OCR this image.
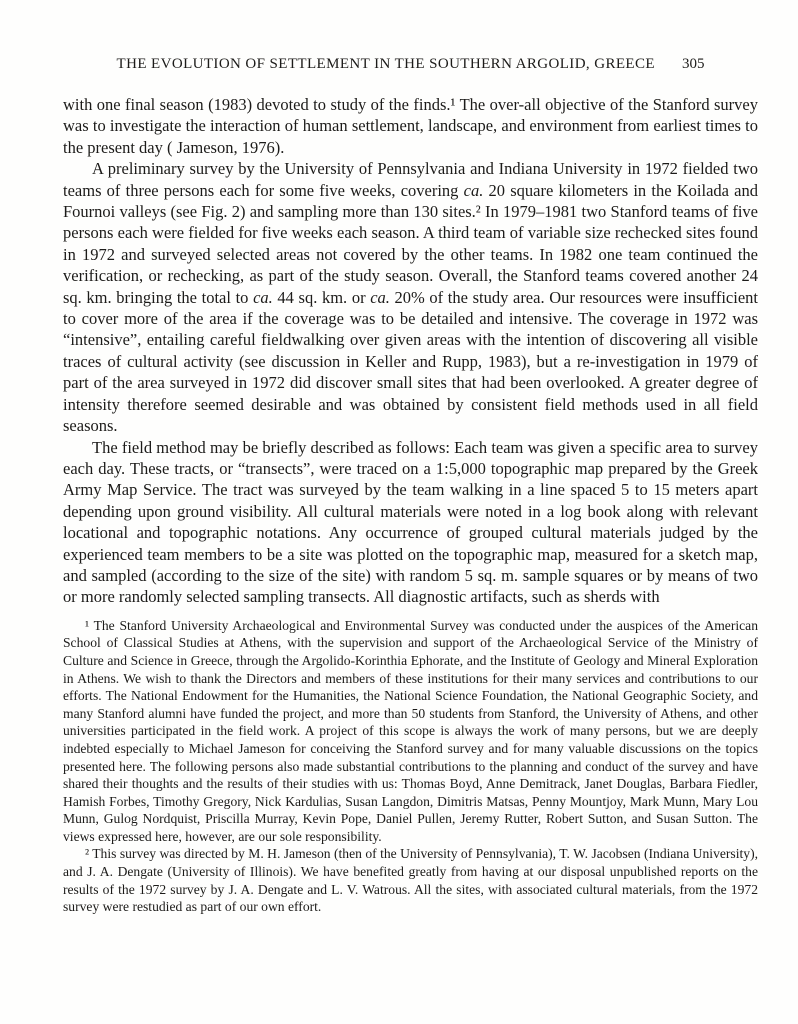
THE EVOLUTION OF SETTLEMENT IN THE SOUTHERN ARGOLID, GREECE 305

with one final season (1983) devoted to study of the finds.¹ The over-all objective of the Stanford survey was to investigate the interaction of human settlement, landscape, and environment from earliest times to the present day ( Jameson, 1976).

A preliminary survey by the University of Pennsylvania and Indiana University in 1972 fielded two teams of three persons each for some five weeks, covering ca. 20 square kilometers in the Koilada and Fournoi valleys (see Fig. 2) and sampling more than 130 sites.² In 1979–1981 two Stanford teams of five persons each were fielded for five weeks each season. A third team of variable size rechecked sites found in 1972 and surveyed selected areas not covered by the other teams. In 1982 one team continued the verification, or rechecking, as part of the study season. Overall, the Stanford teams covered another 24 sq. km. bringing the total to ca. 44 sq. km. or ca. 20% of the study area. Our resources were insufficient to cover more of the area if the coverage was to be detailed and intensive. The coverage in 1972 was “intensive”, entailing careful fieldwalking over given areas with the intention of discovering all visible traces of cultural activity (see discussion in Keller and Rupp, 1983), but a re-investigation in 1979 of part of the area surveyed in 1972 did discover small sites that had been overlooked. A greater degree of intensity therefore seemed desirable and was obtained by consistent field methods used in all field seasons.

The field method may be briefly described as follows: Each team was given a specific area to survey each day. These tracts, or “transects”, were traced on a 1:5,000 topographic map prepared by the Greek Army Map Service. The tract was surveyed by the team walking in a line spaced 5 to 15 meters apart depending upon ground visibility. All cultural materials were noted in a log book along with relevant locational and topographic notations. Any occurrence of grouped cultural materials judged by the experienced team members to be a site was plotted on the topographic map, measured for a sketch map, and sampled (according to the size of the site) with random 5 sq. m. sample squares or by means of two or more randomly selected sampling transects. All diagnostic artifacts, such as sherds with

¹ The Stanford University Archaeological and Environmental Survey was conducted under the auspices of the American School of Classical Studies at Athens, with the supervision and support of the Archaeological Service of the Ministry of Culture and Science in Greece, through the Argolido-Korinthia Ephorate, and the Institute of Geology and Mineral Exploration in Athens. We wish to thank the Directors and members of these institutions for their many services and contributions to our efforts. The National Endowment for the Humanities, the National Science Foundation, the National Geographic Society, and many Stanford alumni have funded the project, and more than 50 students from Stanford, the University of Athens, and other universities participated in the field work. A project of this scope is always the work of many persons, but we are deeply indebted especially to Michael Jameson for conceiving the Stanford survey and for many valuable discussions on the topics presented here. The following persons also made substantial contributions to the planning and conduct of the survey and have shared their thoughts and the results of their studies with us: Thomas Boyd, Anne Demitrack, Janet Douglas, Barbara Fiedler, Hamish Forbes, Timothy Gregory, Nick Kardulias, Susan Langdon, Dimitris Matsas, Penny Mountjoy, Mark Munn, Mary Lou Munn, Gulog Nordquist, Priscilla Murray, Kevin Pope, Daniel Pullen, Jeremy Rutter, Robert Sutton, and Susan Sutton. The views expressed here, however, are our sole responsibility.

² This survey was directed by M. H. Jameson (then of the University of Pennsylvania), T. W. Jacobsen (Indiana University), and J. A. Dengate (University of Illinois). We have benefited greatly from having at our disposal unpublished reports on the results of the 1972 survey by J. A. Dengate and L. V. Watrous. All the sites, with associated cultural materials, from the 1972 survey were restudied as part of our own effort.
